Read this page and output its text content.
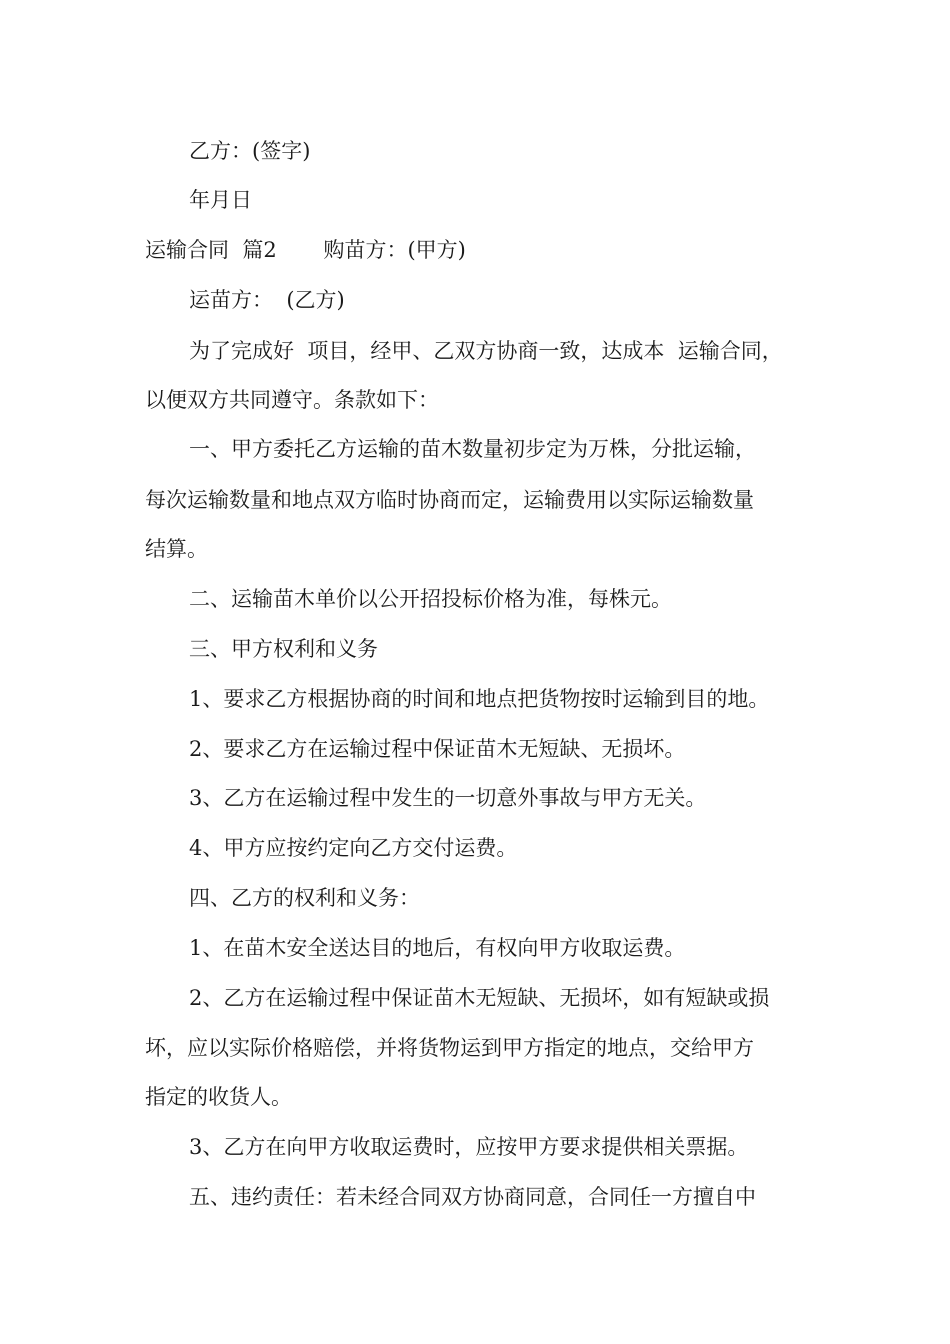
乙方：(签字)
年月日
运输合同  篇2       购苗方：(甲方)
运苗方：  (乙方)
为了完成好  项目，经甲、乙双方协商一致，达成本  运输合同，
以便双方共同遵守。条款如下：
一、甲方委托乙方运输的苗木数量初步定为万株，分批运输，
每次运输数量和地点双方临时协商而定，运输费用以实际运输数量
结算。
二、运输苗木单价以公开招投标价格为准，每株元。
三、甲方权利和义务
1、要求乙方根据协商的时间和地点把货物按时运输到目的地。
2、要求乙方在运输过程中保证苗木无短缺、无损坏。
3、乙方在运输过程中发生的一切意外事故与甲方无关。
4、甲方应按约定向乙方交付运费。
四、乙方的权利和义务：
1、在苗木安全送达目的地后，有权向甲方收取运费。
2、乙方在运输过程中保证苗木无短缺、无损坏，如有短缺或损
坏，应以实际价格赔偿，并将货物运到甲方指定的地点，交给甲方
指定的收货人。
3、乙方在向甲方收取运费时，应按甲方要求提供相关票据。
五、违约责任：若未经合同双方协商同意，合同任一方擅自中
